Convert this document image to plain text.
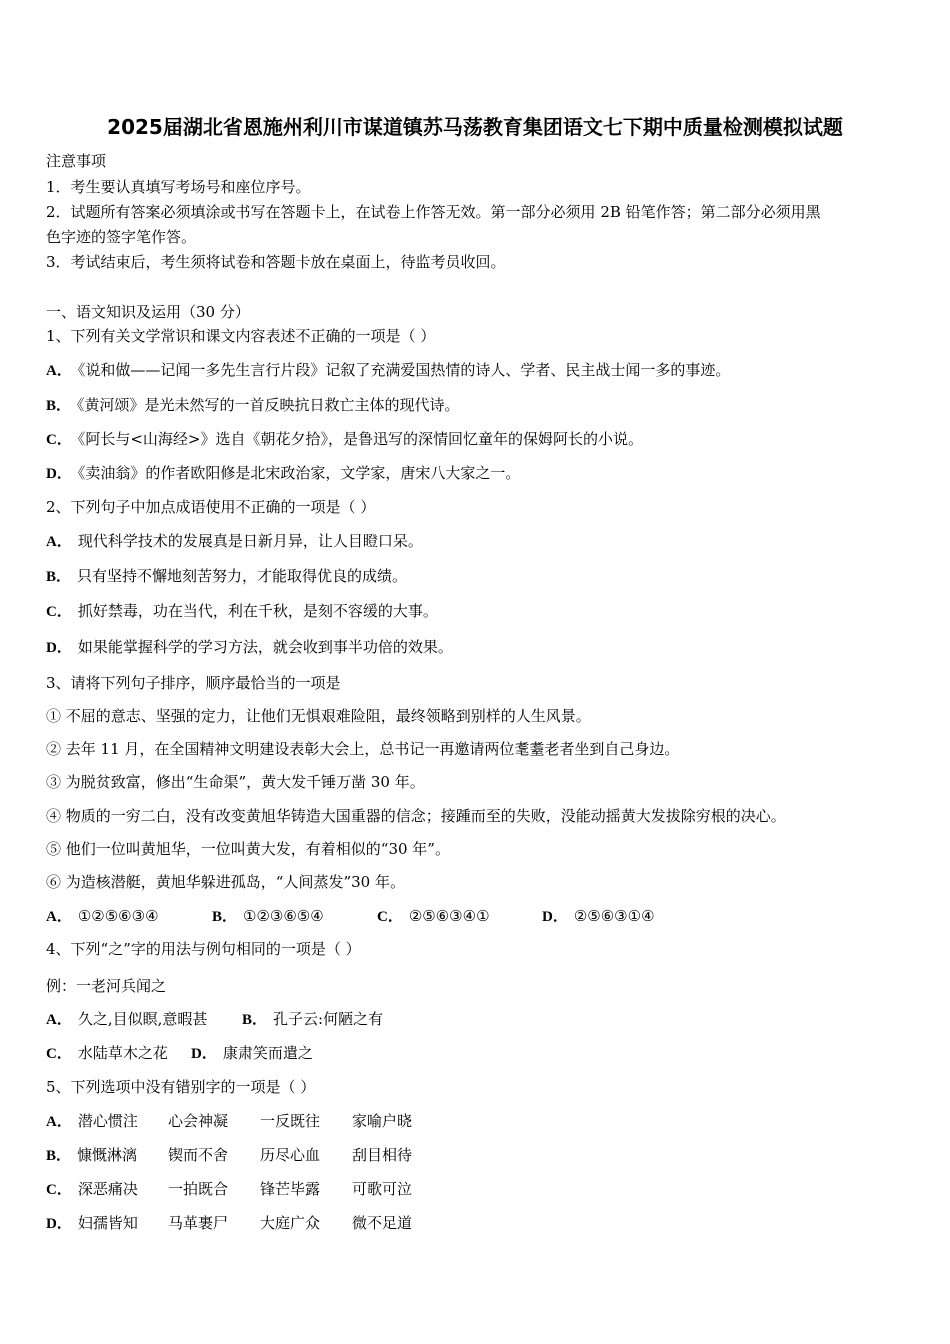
2025届湖北省恩施州利川市谋道镇苏马荡教育集团语文七下期中质量检测模拟试题
注意事项
1．考生要认真填写考场号和座位序号。
2．试题所有答案必须填涂或书写在答题卡上，在试卷上作答无效。第一部分必须用 2B 铅笔作答；第二部分必须用黑
色字迹的签字笔作答。
3．考试结束后，考生须将试卷和答题卡放在桌面上，待监考员收回。
一、语文知识及运用（30 分）
1、下列有关文学常识和课文内容表述不正确的一项是（ ）
A． 《说和做——记闻一多先生言行片段》记叙了充满爱国热情的诗人、学者、民主战士闻一多的事迹。
B． 《黄河颂》是光未然写的一首反映抗日救亡主体的现代诗。
C． 《阿长与<山海经>》选自《朝花夕拾》，是鲁迅写的深情回忆童年的保姆阿长的小说。
D． 《卖油翁》的作者欧阳修是北宋政治家，文学家，唐宋八大家之一。
2、下列句子中加点成语使用不正确的一项是（ ）
A． 现代科学技术的发展真是日新月异，让人目瞪口呆。
B． 只有坚持不懈地刻苦努力，才能取得优良的成绩。
C． 抓好禁毒，功在当代，利在千秋，是刻不容缓的大事。
D． 如果能掌握科学的学习方法，就会收到事半功倍的效果。
3、请将下列句子排序，顺序最恰当的一项是
① 不屈的意志、坚强的定力，让他们无惧艰难险阻，最终领略到别样的人生风景。
② 去年 11 月，在全国精神文明建设表彰大会上，总书记一再邀请两位耄耋老者坐到自己身边。
③ 为脱贫致富，修出“生命渠”，黄大发千锤万凿 30 年。
④ 物质的一穷二白，没有改变黄旭华铸造大国重器的信念；接踵而至的失败，没能动摇黄大发拔除穷根的决心。
⑤ 他们一位叫黄旭华，一位叫黄大发，有着相似的“30 年”。
⑥ 为造核潜艇，黄旭华躲进孤岛，“人间蒸发”30 年。
A． ①②⑤⑥③④	B． ①②③⑥⑤④	C． ②⑤⑥③④①	D． ②⑤⑥③①④
4、下列“之”字的用法与例句相同的一项是（ ）
例：一老河兵闻之
A． 久之,目似瞑,意暇甚 B． 孔子云:何陋之有
C． 水陆草木之花 D． 康肃笑而遣之
5、下列选项中没有错别字的一项是（ ）
A． 潜心惯注 心会神凝 一反既往 家喻户晓
B． 慷慨淋漓 锲而不舍 历尽心血 刮目相待
C． 深恶痛决 一拍既合 锋芒毕露 可歌可泣
D． 妇孺皆知 马革裹尸 大庭广众 微不足道
